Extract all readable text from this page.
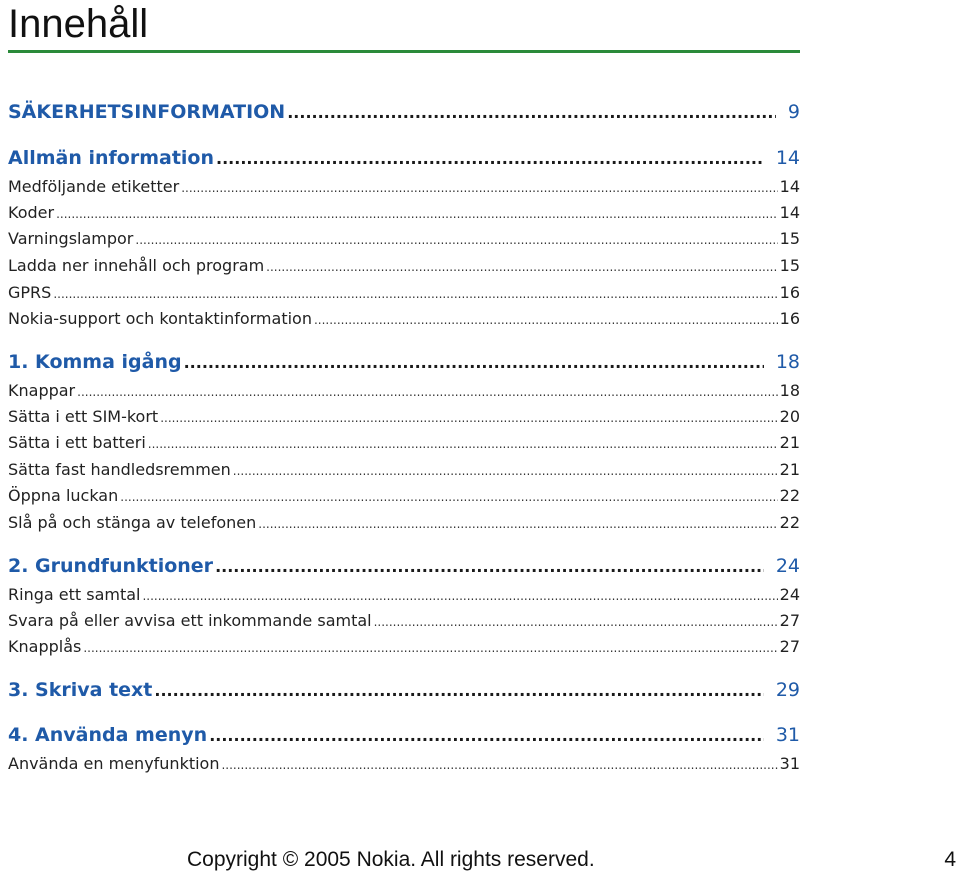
Innehåll
SÄKERHETSINFORMATION .....	9
Allmän information .....	14
Medföljande etiketter .....	14
Koder .....	14
Varningslampor .....	15
Ladda ner innehåll och program .....	15
GPRS .....	16
Nokia-support och kontaktinformation .....	16
1. Komma igång .....	18
Knappar .....	18
Sätta i ett SIM-kort .....	20
Sätta i ett batteri .....	21
Sätta fast handledsremmen .....	21
Öppna luckan .....	22
Slå på och stänga av telefonen .....	22
2. Grundfunktioner .....	24
Ringa ett samtal .....	24
Svara på eller avvisa ett inkommande samtal .....	27
Knapplås .....	27
3. Skriva text .....	29
4. Använda menyn .....	31
Använda en menyfunktion .....	31
Copyright © 2005 Nokia. All rights reserved.	4
